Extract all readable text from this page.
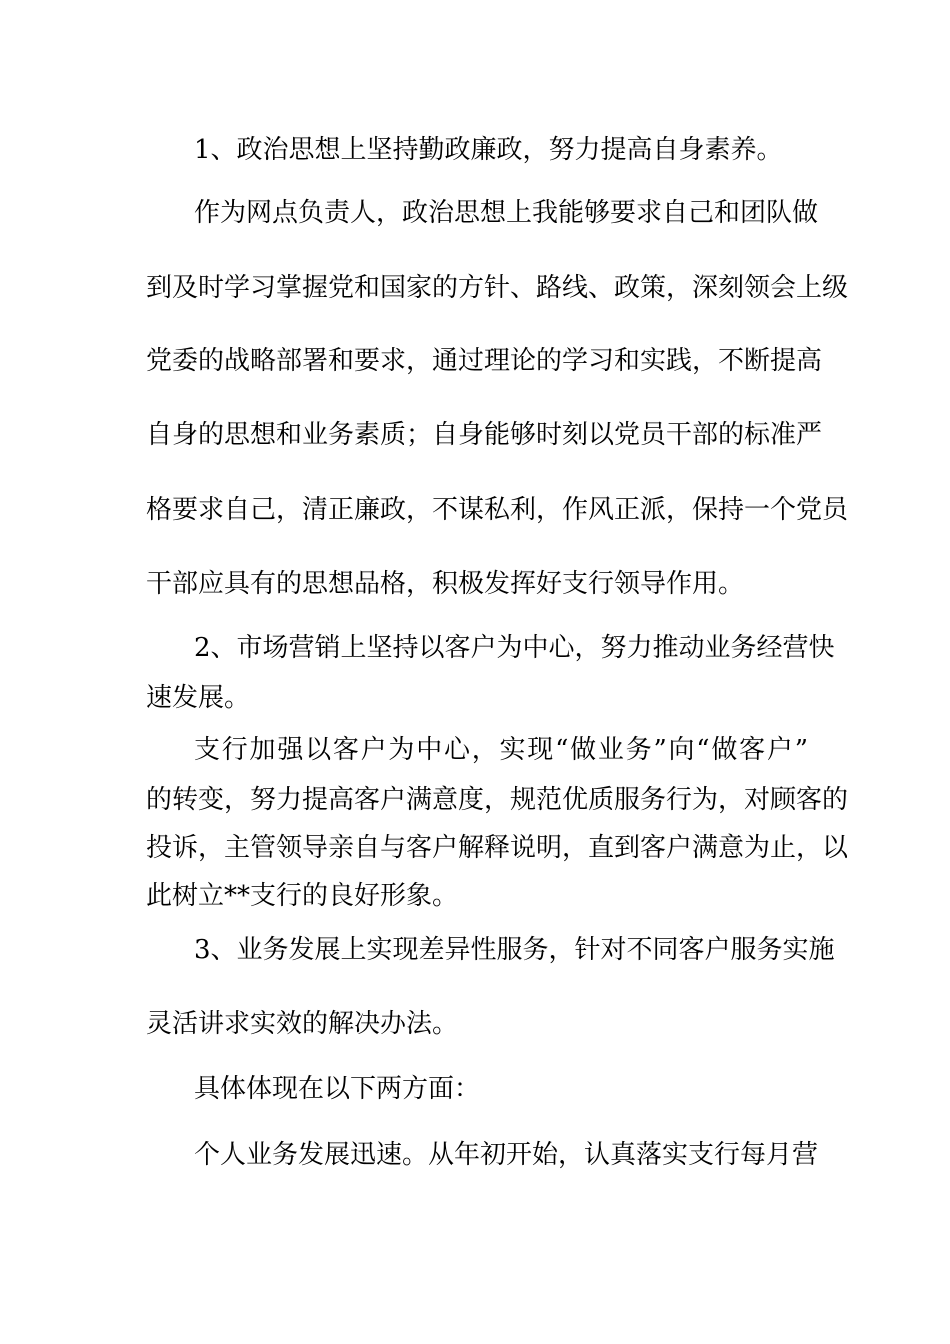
1、政治思想上坚持勤政廉政，努力提高自身素养。

作为网点负责人，政治思想上我能够要求自己和团队做

到及时学习掌握党和国家的方针、路线、政策，深刻领会上级

党委的战略部署和要求，通过理论的学习和实践，不断提高

自身的思想和业务素质；自身能够时刻以党员干部的标准严

格要求自己，清正廉政，不谋私利，作风正派，保持一个党员

干部应具有的思想品格，积极发挥好支行领导作用。

2、市场营销上坚持以客户为中心，努力推动业务经营快

速发展。

支行加强以客户为中心，实现“做业务”向“做客户”

的转变，努力提高客户满意度，规范优质服务行为，对顾客的

投诉，主管领导亲自与客户解释说明，直到客户满意为止，以

此树立**支行的良好形象。

3、业务发展上实现差异性服务，针对不同客户服务实施

灵活讲求实效的解决办法。

具体体现在以下两方面：

个人业务发展迅速。从年初开始，认真落实支行每月营
